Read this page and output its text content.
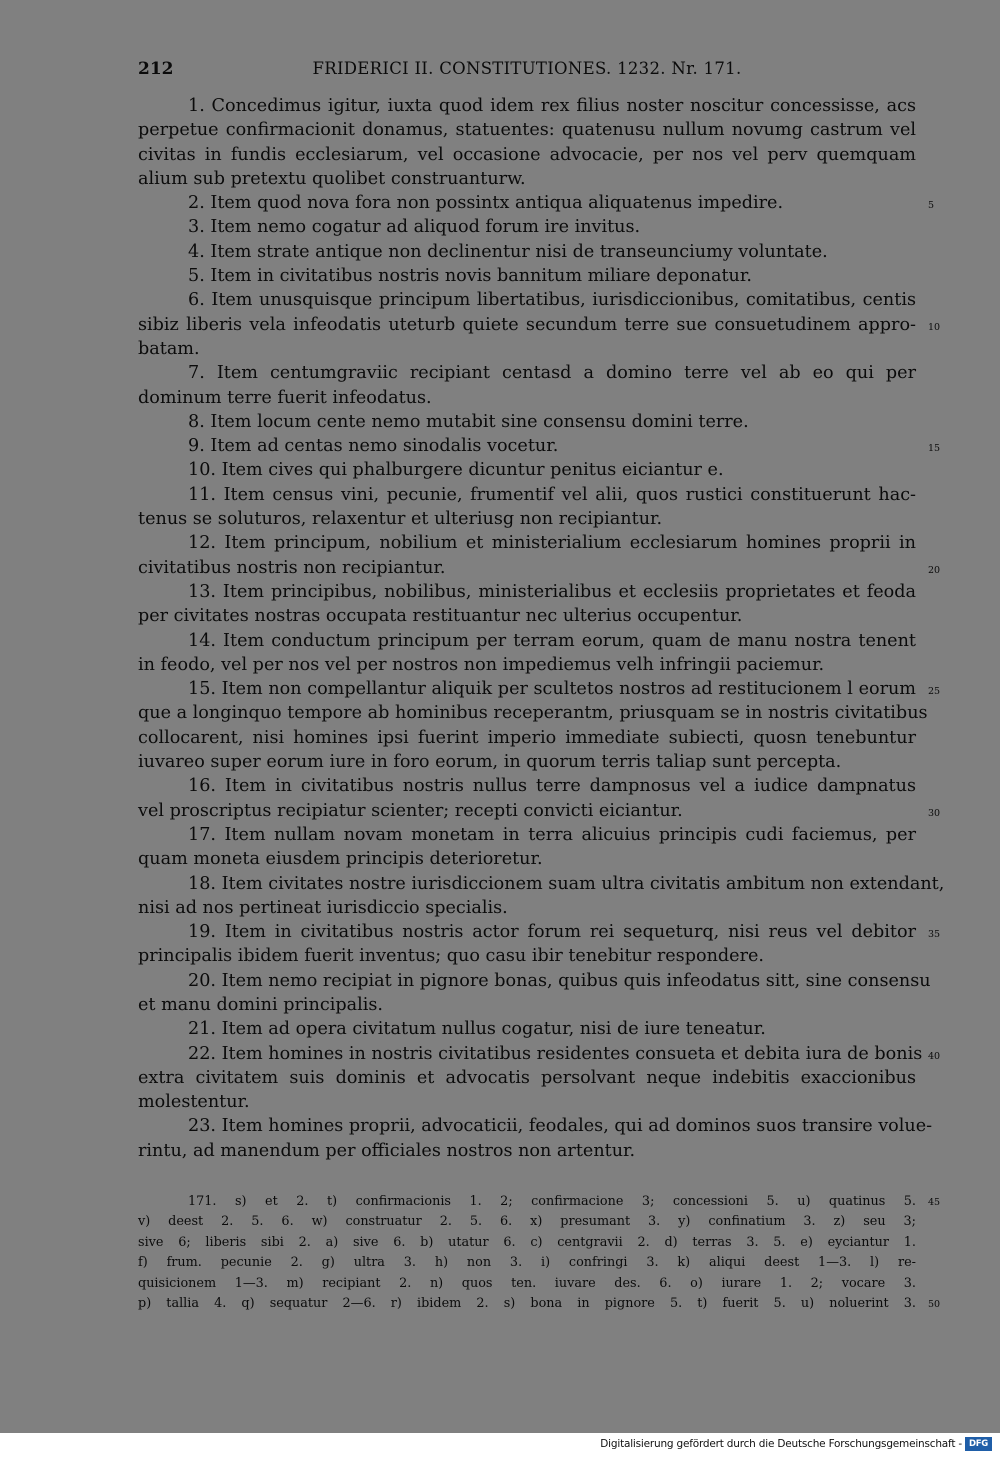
212	FRIDERICI II. CONSTITUTIONES. 1232. Nr. 171.
1. Concedimus igitur, iuxta quod idem rex filius noster noscitur concessisse, acs
perpetue confirmacionit donamus, statuentes: quatenusu nullum novumg castrum vel
civitas in fundis ecclesiarum, vel occasione advocacie, per nos vel perv quemquam
alium sub pretextu quolibet construanturw.
2. Item quod nova fora non possintx antiqua aliquatenus impedire.	5
3. Item nemo cogatur ad aliquod forum ire invitus.
4. Item strate antique non declinentur nisi de transeunciumy voluntate.
5. Item in civitatibus nostris novis bannitum miliare deponatur.
6. Item unusquisque principum libertatibus, iurisdiccionibus, comitatibus, centis
sibiz liberis vela infeodatis uteturb quiete secundum terre sue consuetudinem appro- 10
batam.
7. Item centumgraviic recipiant centasd a domino terre vel ab eo qui per
dominum terre fuerit infeodatus.
8. Item locum cente nemo mutabit sine consensu domini terre.
9. Item ad centas nemo sinodalis vocetur.	15
10. Item cives qui phalburgere dicuntur penitus eiciantur e.
11. Item census vini, pecunie, frumentif vel alii, quos rustici constituerunt hac-
tenus se soluturos, relaxentur et ulteriusg non recipiantur.
12. Item principum, nobilium et ministerialium ecclesiarum homines proprii in
civitatibus nostris non recipiantur.	20
13. Item principibus, nobilibus, ministerialibus et ecclesiis proprietates et feoda
per civitates nostras occupata restituantur nec ulterius occupentur.
14. Item conductum principum per terram eorum, quam de manu nostra tenent
in feodo, vel per nos vel per nostros non impediemus velh infringii paciemur.
15. Item non compellantur aliquik per scultetos nostros ad restitucionem l eorum 25
que a longinquo tempore ab hominibus receperantm, priusquam se in nostris civitatibus
collocarent, nisi homines ipsi fuerint imperio immediate subiecti, quosn tenebuntur
iuvareo super eorum iure in foro eorum, in quorum terris taliap sunt percepta.
16. Item in civitatibus nostris nullus terre dampnosus vel a iudice dampnatus
vel proscriptus recipiatur scienter; recepti convicti eiciantur.	30
17. Item nullam novam monetam in terra alicuius principis cudi faciemus, per
quam moneta eiusdem principis deterioretur.
18. Item civitates nostre iurisdiccionem suam ultra civitatis ambitum non extendant,
nisi ad nos pertineat iurisdiccio specialis.
19. Item in civitatibus nostris actor forum rei sequeturq, nisi reus vel debitor 35
principalis ibidem fuerit inventus; quo casu ibir tenebitur respondere.
20. Item nemo recipiat in pignore bonas, quibus quis infeodatus sitt, sine consensu
et manu domini principalis.
21. Item ad opera civitatum nullus cogatur, nisi de iure teneatur.
22. Item homines in nostris civitatibus residentes consueta et debita iura de bonis 40
extra civitatem suis dominis et advocatis persolvant neque indebitis exaccionibus
molestentur.
23. Item homines proprii, advocaticii, feodales, qui ad dominos suos transire volue-
rintu, ad manendum per officiales nostros non artentur.
171. s) et 2. t) confirmacionis 1. 2; confirmacione 3; concessioni 5. u) quatinus 5. 45
v) deest 2. 5. 6. w) construatur 2. 5. 6. x) presumant 3. y) confinatium 3. z) seu 3;
sive 6; liberis sibi 2. a) sive 6. b) utatur 6. c) centgravii 2. d) terras 3. 5. e) eyciantur 1.
f) frum. pecunie 2. g) ultra 3. h) non 3. i) confringi 3. k) aliqui deest 1—3. l) re-
quisicionem 1—3. m) recipiant 2. n) quos ten. iuvare des. 6. o) iurare 1. 2; vocare 3.
p) tallia 4. q) sequatur 2—6. r) ibidem 2. s) bona in pignore 5. t) fuerit 5. u) noluerint 3. 50
Digitalisierung gefördert durch die Deutsche Forschungsgemeinschaft - DFG
